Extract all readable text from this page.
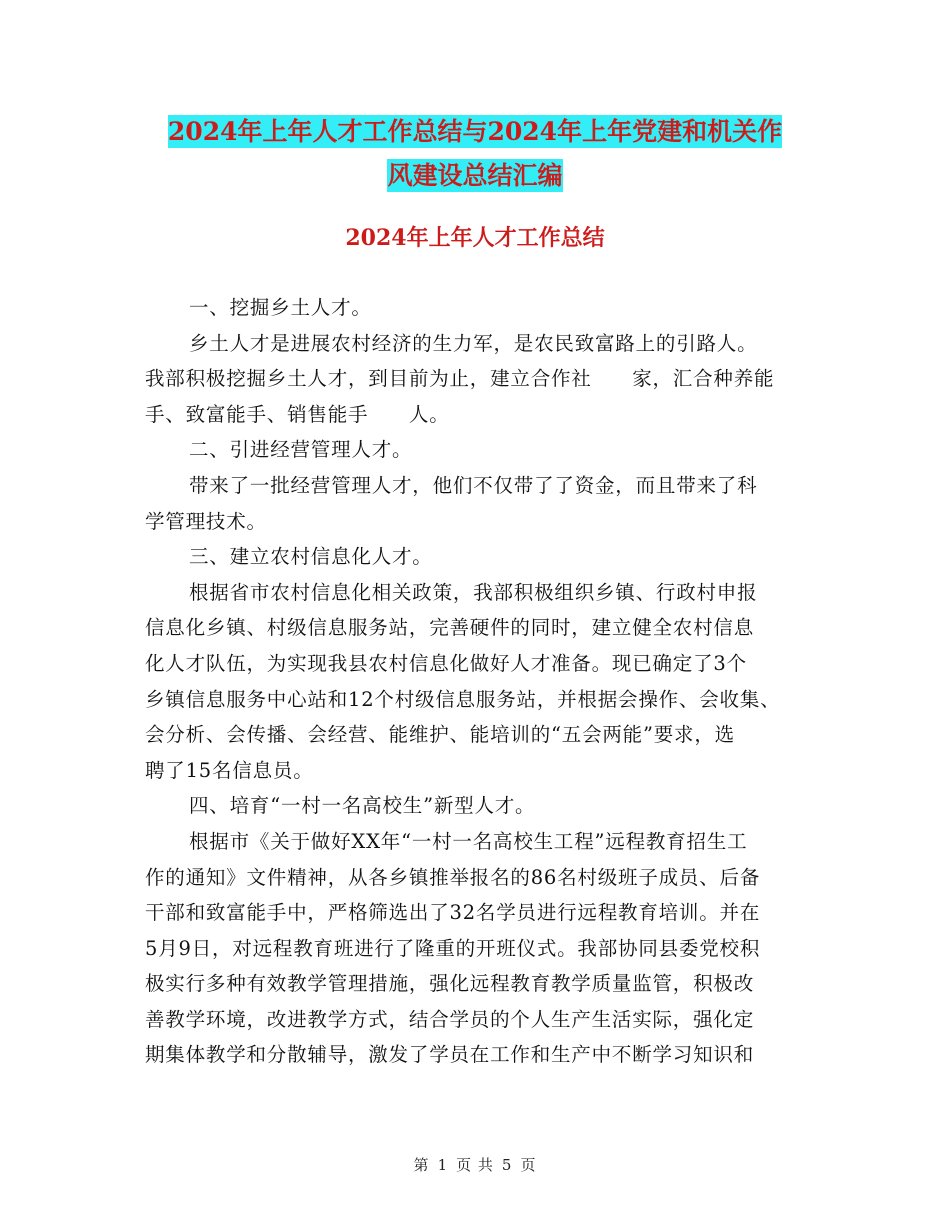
2024年上年人才工作总结与2024年上年党建和机关作
风建设总结汇编
2024年上年人才工作总结
一、挖掘乡土人才。
乡土人才是进展农村经济的生力军，是农民致富路上的引路人。
我部积极挖掘乡土人才，到目前为止，建立合作社　　家，汇合种养能
手、致富能手、销售能手　　人。
二、引进经营管理人才。
带来了一批经营管理人才，他们不仅带了了资金，而且带来了科
学管理技术。
三、建立农村信息化人才。
根据省市农村信息化相关政策，我部积极组织乡镇、行政村申报
信息化乡镇、村级信息服务站，完善硬件的同时，建立健全农村信息
化人才队伍，为实现我县农村信息化做好人才准备。现已确定了3个
乡镇信息服务中心站和12个村级信息服务站，并根据会操作、会收集、
会分析、会传播、会经营、能维护、能培训的“五会两能”要求，选
聘了15名信息员。
四、培育“一村一名高校生”新型人才。
根据市《关于做好XX年“一村一名高校生工程”远程教育招生工
作的通知》文件精神，从各乡镇推举报名的86名村级班子成员、后备
干部和致富能手中，严格筛选出了32名学员进行远程教育培训。并在
5月9日，对远程教育班进行了隆重的开班仪式。我部协同县委党校积
极实行多种有效教学管理措施，强化远程教育教学质量监管，积极改
善教学环境，改进教学方式，结合学员的个人生产生活实际，强化定
期集体教学和分散辅导，激发了学员在工作和生产中不断学习知识和
第 1 页 共 5 页
